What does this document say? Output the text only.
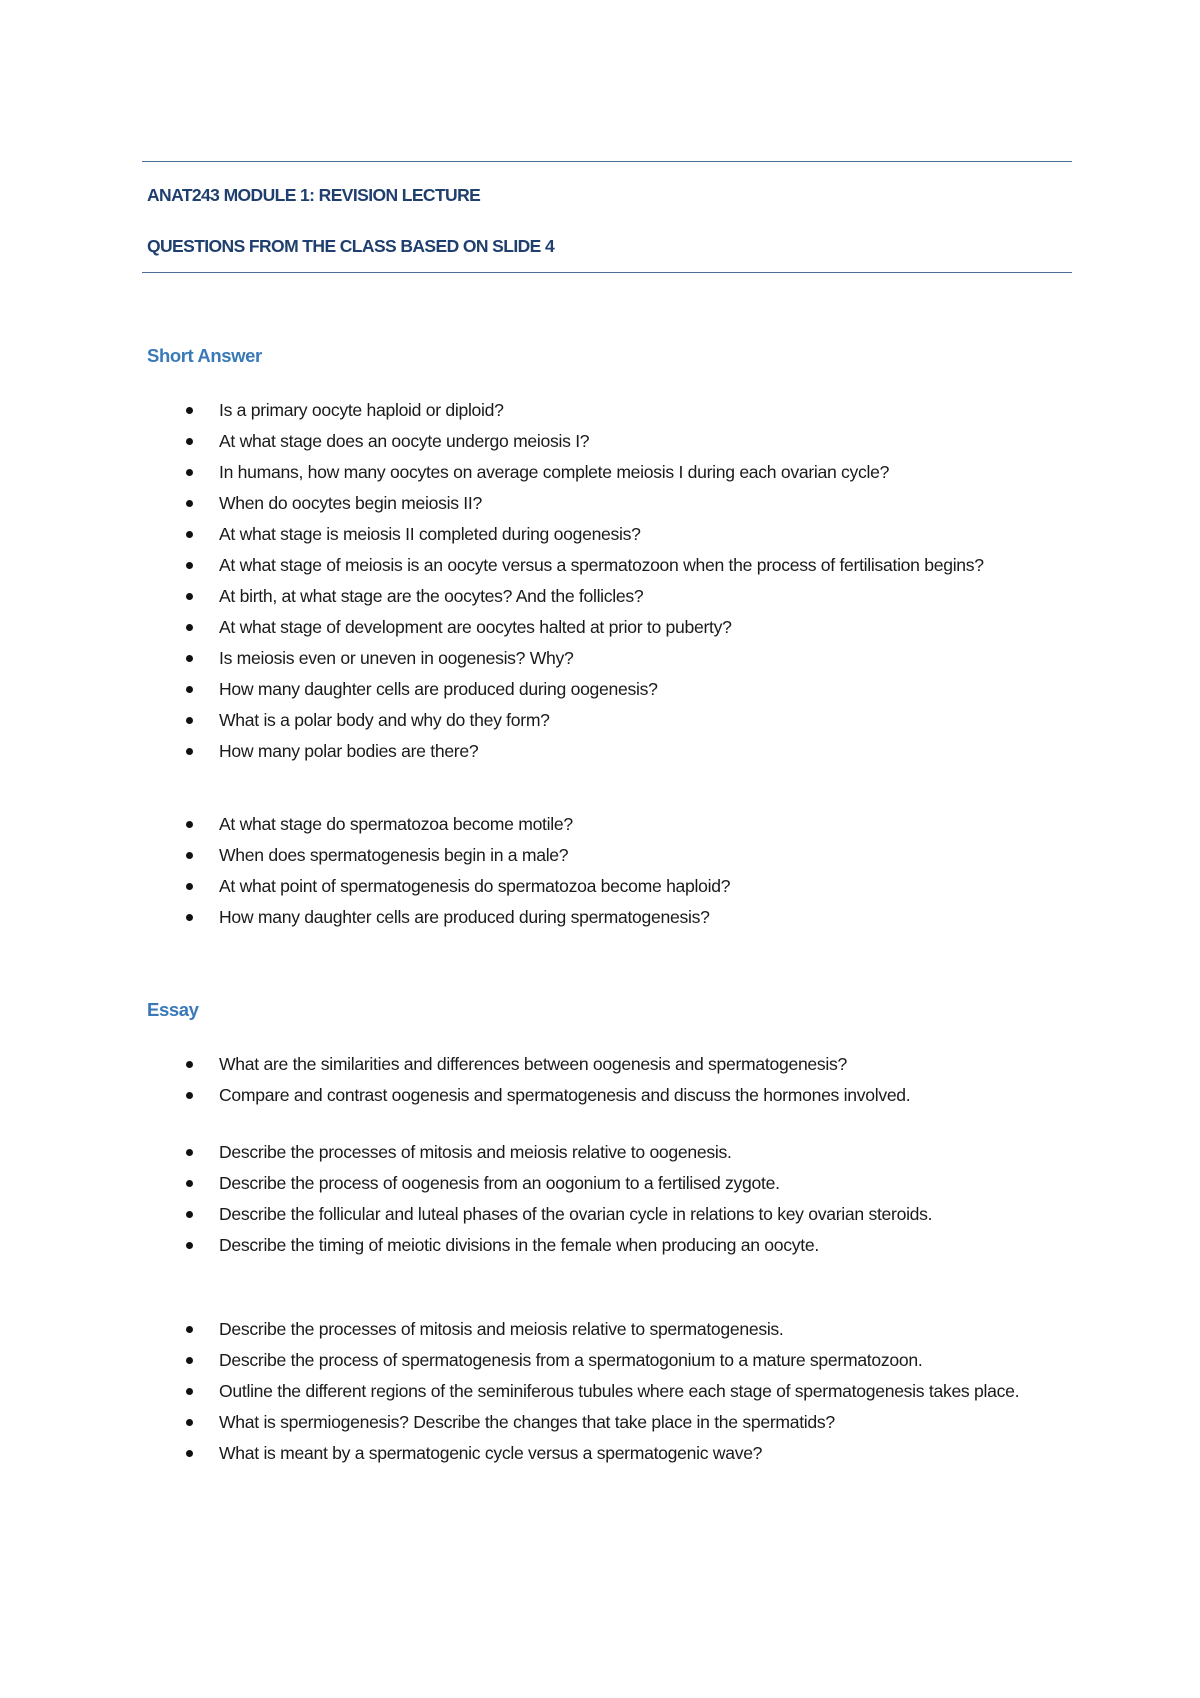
ANAT243 MODULE 1: REVISION LECTURE
QUESTIONS FROM THE CLASS BASED ON SLIDE 4
Short Answer
Is a primary oocyte haploid or diploid?
At what stage does an oocyte undergo meiosis I?
In humans, how many oocytes on average complete meiosis I during each ovarian cycle?
When do oocytes begin meiosis II?
At what stage is meiosis II completed during oogenesis?
At what stage of meiosis is an oocyte versus a spermatozoon when the process of fertilisation begins?
At birth, at what stage are the oocytes? And the follicles?
At what stage of development are oocytes halted at prior to puberty?
Is meiosis even or uneven in oogenesis? Why?
How many daughter cells are produced during oogenesis?
What is a polar body and why do they form?
How many polar bodies are there?
At what stage do spermatozoa become motile?
When does spermatogenesis begin in a male?
At what point of spermatogenesis do spermatozoa become haploid?
How many daughter cells are produced during spermatogenesis?
Essay
What are the similarities and differences between oogenesis and spermatogenesis?
Compare and contrast oogenesis and spermatogenesis and discuss the hormones involved.
Describe the processes of mitosis and meiosis relative to oogenesis.
Describe the process of oogenesis from an oogonium to a fertilised zygote.
Describe the follicular and luteal phases of the ovarian cycle in relations to key ovarian steroids.
Describe the timing of meiotic divisions in the female when producing an oocyte.
Describe the processes of mitosis and meiosis relative to spermatogenesis.
Describe the process of spermatogenesis from a spermatogonium to a mature spermatozoon.
Outline the different regions of the seminiferous tubules where each stage of spermatogenesis takes place.
What is spermiogenesis? Describe the changes that take place in the spermatids?
What is meant by a spermatogenic cycle versus a spermatogenic wave?
